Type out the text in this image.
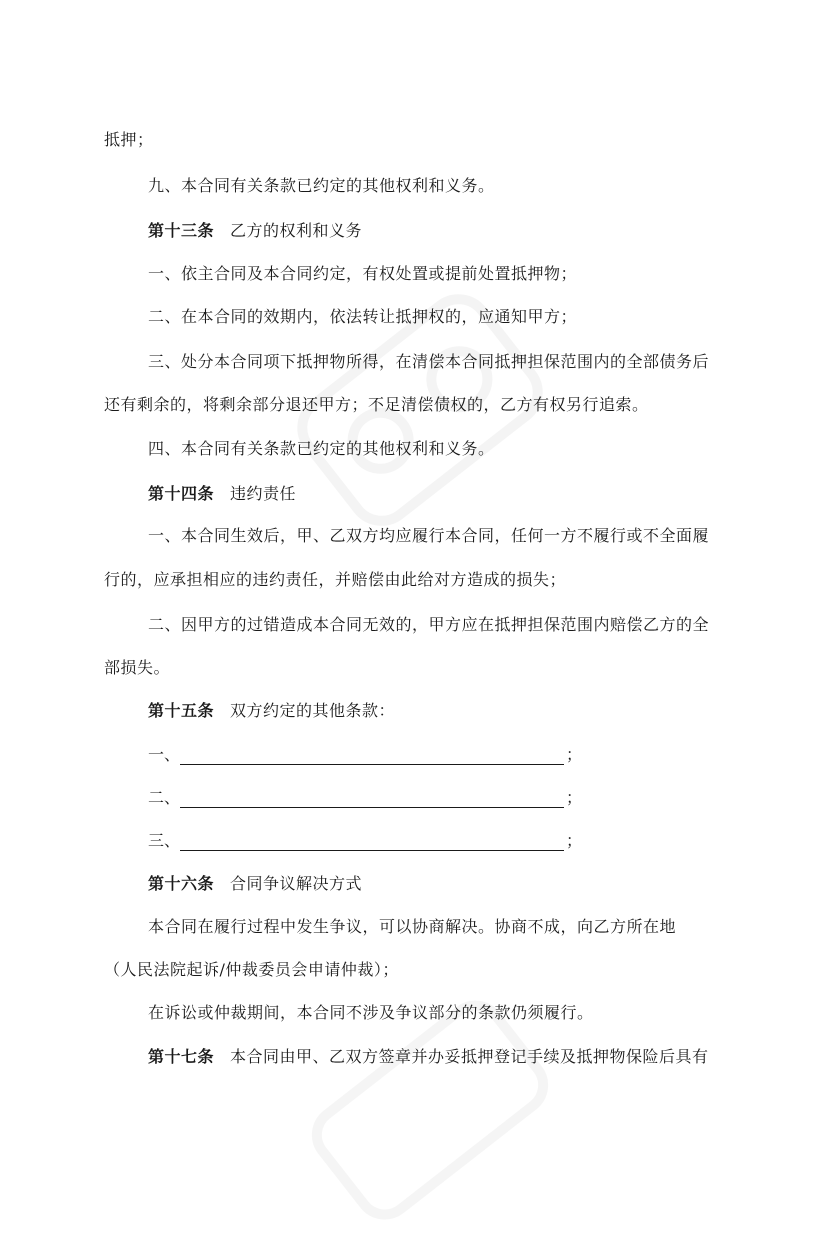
抵押；
九、本合同有关条款已约定的其他权利和义务。
第十三条 乙方的权利和义务
一、依主合同及本合同约定，有权处置或提前处置抵押物；
二、在本合同的效期内，依法转让抵押权的，应通知甲方；
三、处分本合同项下抵押物所得，在清偿本合同抵押担保范围内的全部债务后
还有剩余的，将剩余部分退还甲方；不足清偿债权的，乙方有权另行追索。
四、本合同有关条款已约定的其他权利和义务。
第十四条 违约责任
一、本合同生效后，甲、乙双方均应履行本合同，任何一方不履行或不全面履
行的，应承担相应的违约责任，并赔偿由此给对方造成的损失；
二、因甲方的过错造成本合同无效的，甲方应在抵押担保范围内赔偿乙方的全
部损失。
第十五条 双方约定的其他条款：
一、	；
二、	；
三、	；
第十六条 合同争议解决方式
本合同在履行过程中发生争议，可以协商解决。协商不成，向乙方所在地
（人民法院起诉/仲裁委员会申请仲裁）；
在诉讼或仲裁期间，本合同不涉及争议部分的条款仍须履行。
第十七条 本合同由甲、乙双方签章并办妥抵押登记手续及抵押物保险后具有
